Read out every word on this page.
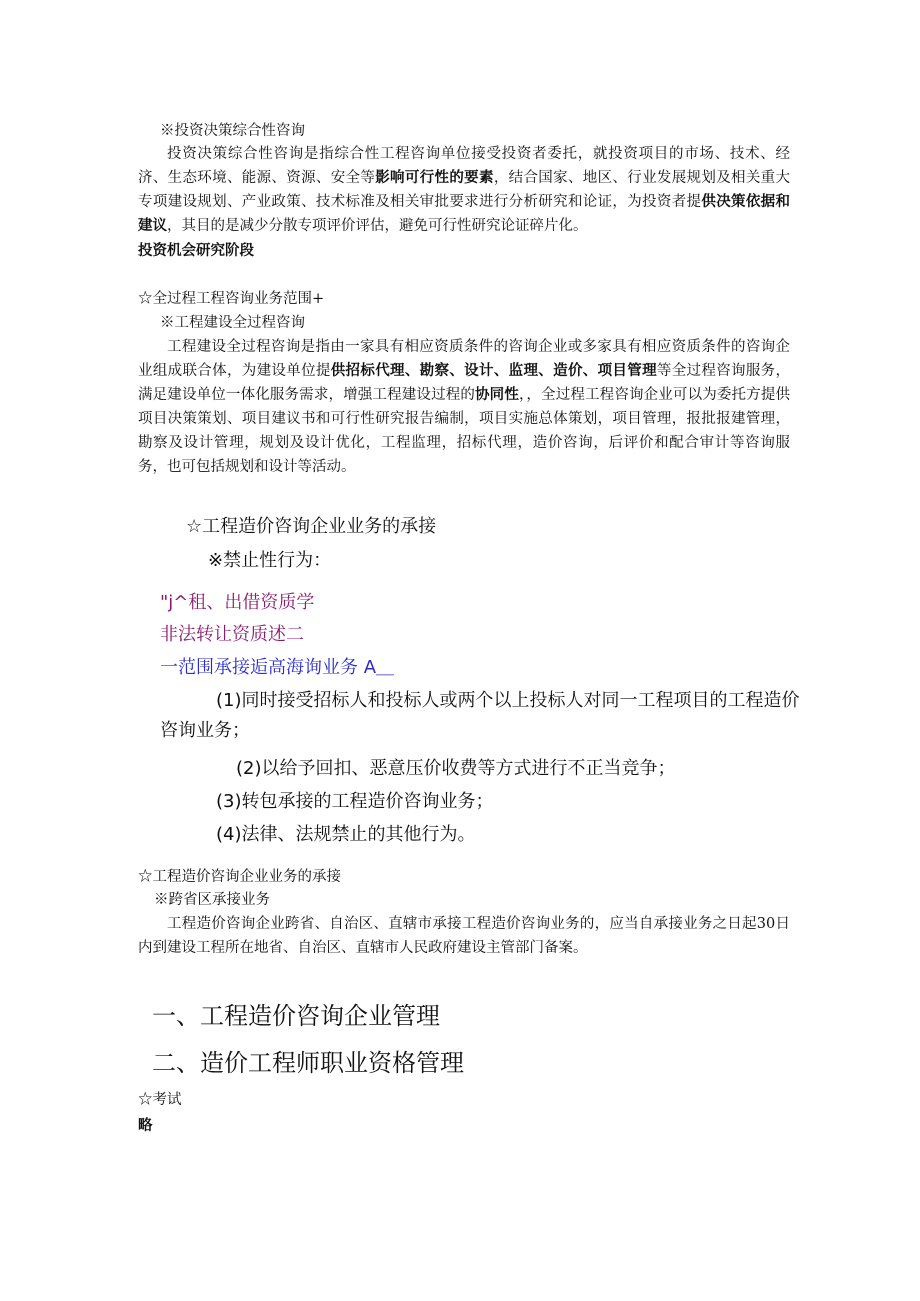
※投资决策综合性咨询
投资决策综合性咨询是指综合性工程咨询单位接受投资者委托，就投资项目的市场、技术、经济、生态环境、能源、资源、安全等影响可行性的要素，结合国家、地区、行业发展规划及相关重大专项建设规划、产业政策、技术标准及相关审批要求进行分析研究和论证，为投资者提供决策依据和建议，其目的是减少分散专项评价评估，避免可行性研究论证碎片化。
投资机会研究阶段
☆全过程工程咨询业务范围+
※工程建设全过程咨询
工程建设全过程咨询是指由一家具有相应资质条件的咨询企业或多家具有相应资质条件的咨询企业组成联合体，为建设单位提供招标代理、勘察、设计、监理、造价、项目管理等全过程咨询服务，满足建设单位一体化服务需求，增强工程建设过程的协同性，，全过程工程咨询企业可以为委托方提供项目决策策划、项目建议书和可行性研究报告编制，项目实施总体策划，项目管理，报批报建管理，勘察及设计管理，规划及设计优化，工程监理，招标代理，造价咨询，后评价和配合审计等咨询服务，也可包括规划和设计等活动。
☆工程造价咨询企业业务的承接
※禁止性行为：
"j^租、出借资质学
非法转让资质述二
一范围承接逅高海询业务 A＿
(1)同时接受招标人和投标人或两个以上投标人对同一工程项目的工程造价咨询业务；
(2)以给予回扣、恶意压价收费等方式进行不正当竞争；
(3)转包承接的工程造价咨询业务；
(4)法律、法规禁止的其他行为。
☆工程造价咨询企业业务的承接
※跨省区承接业务
工程造价咨询企业跨省、自治区、直辖市承接工程造价咨询业务的，应当自承接业务之日起30日内到建设工程所在地省、自治区、直辖市人民政府建设主管部门备案。
一、工程造价咨询企业管理
二、造价工程师职业资格管理
☆考试
略
